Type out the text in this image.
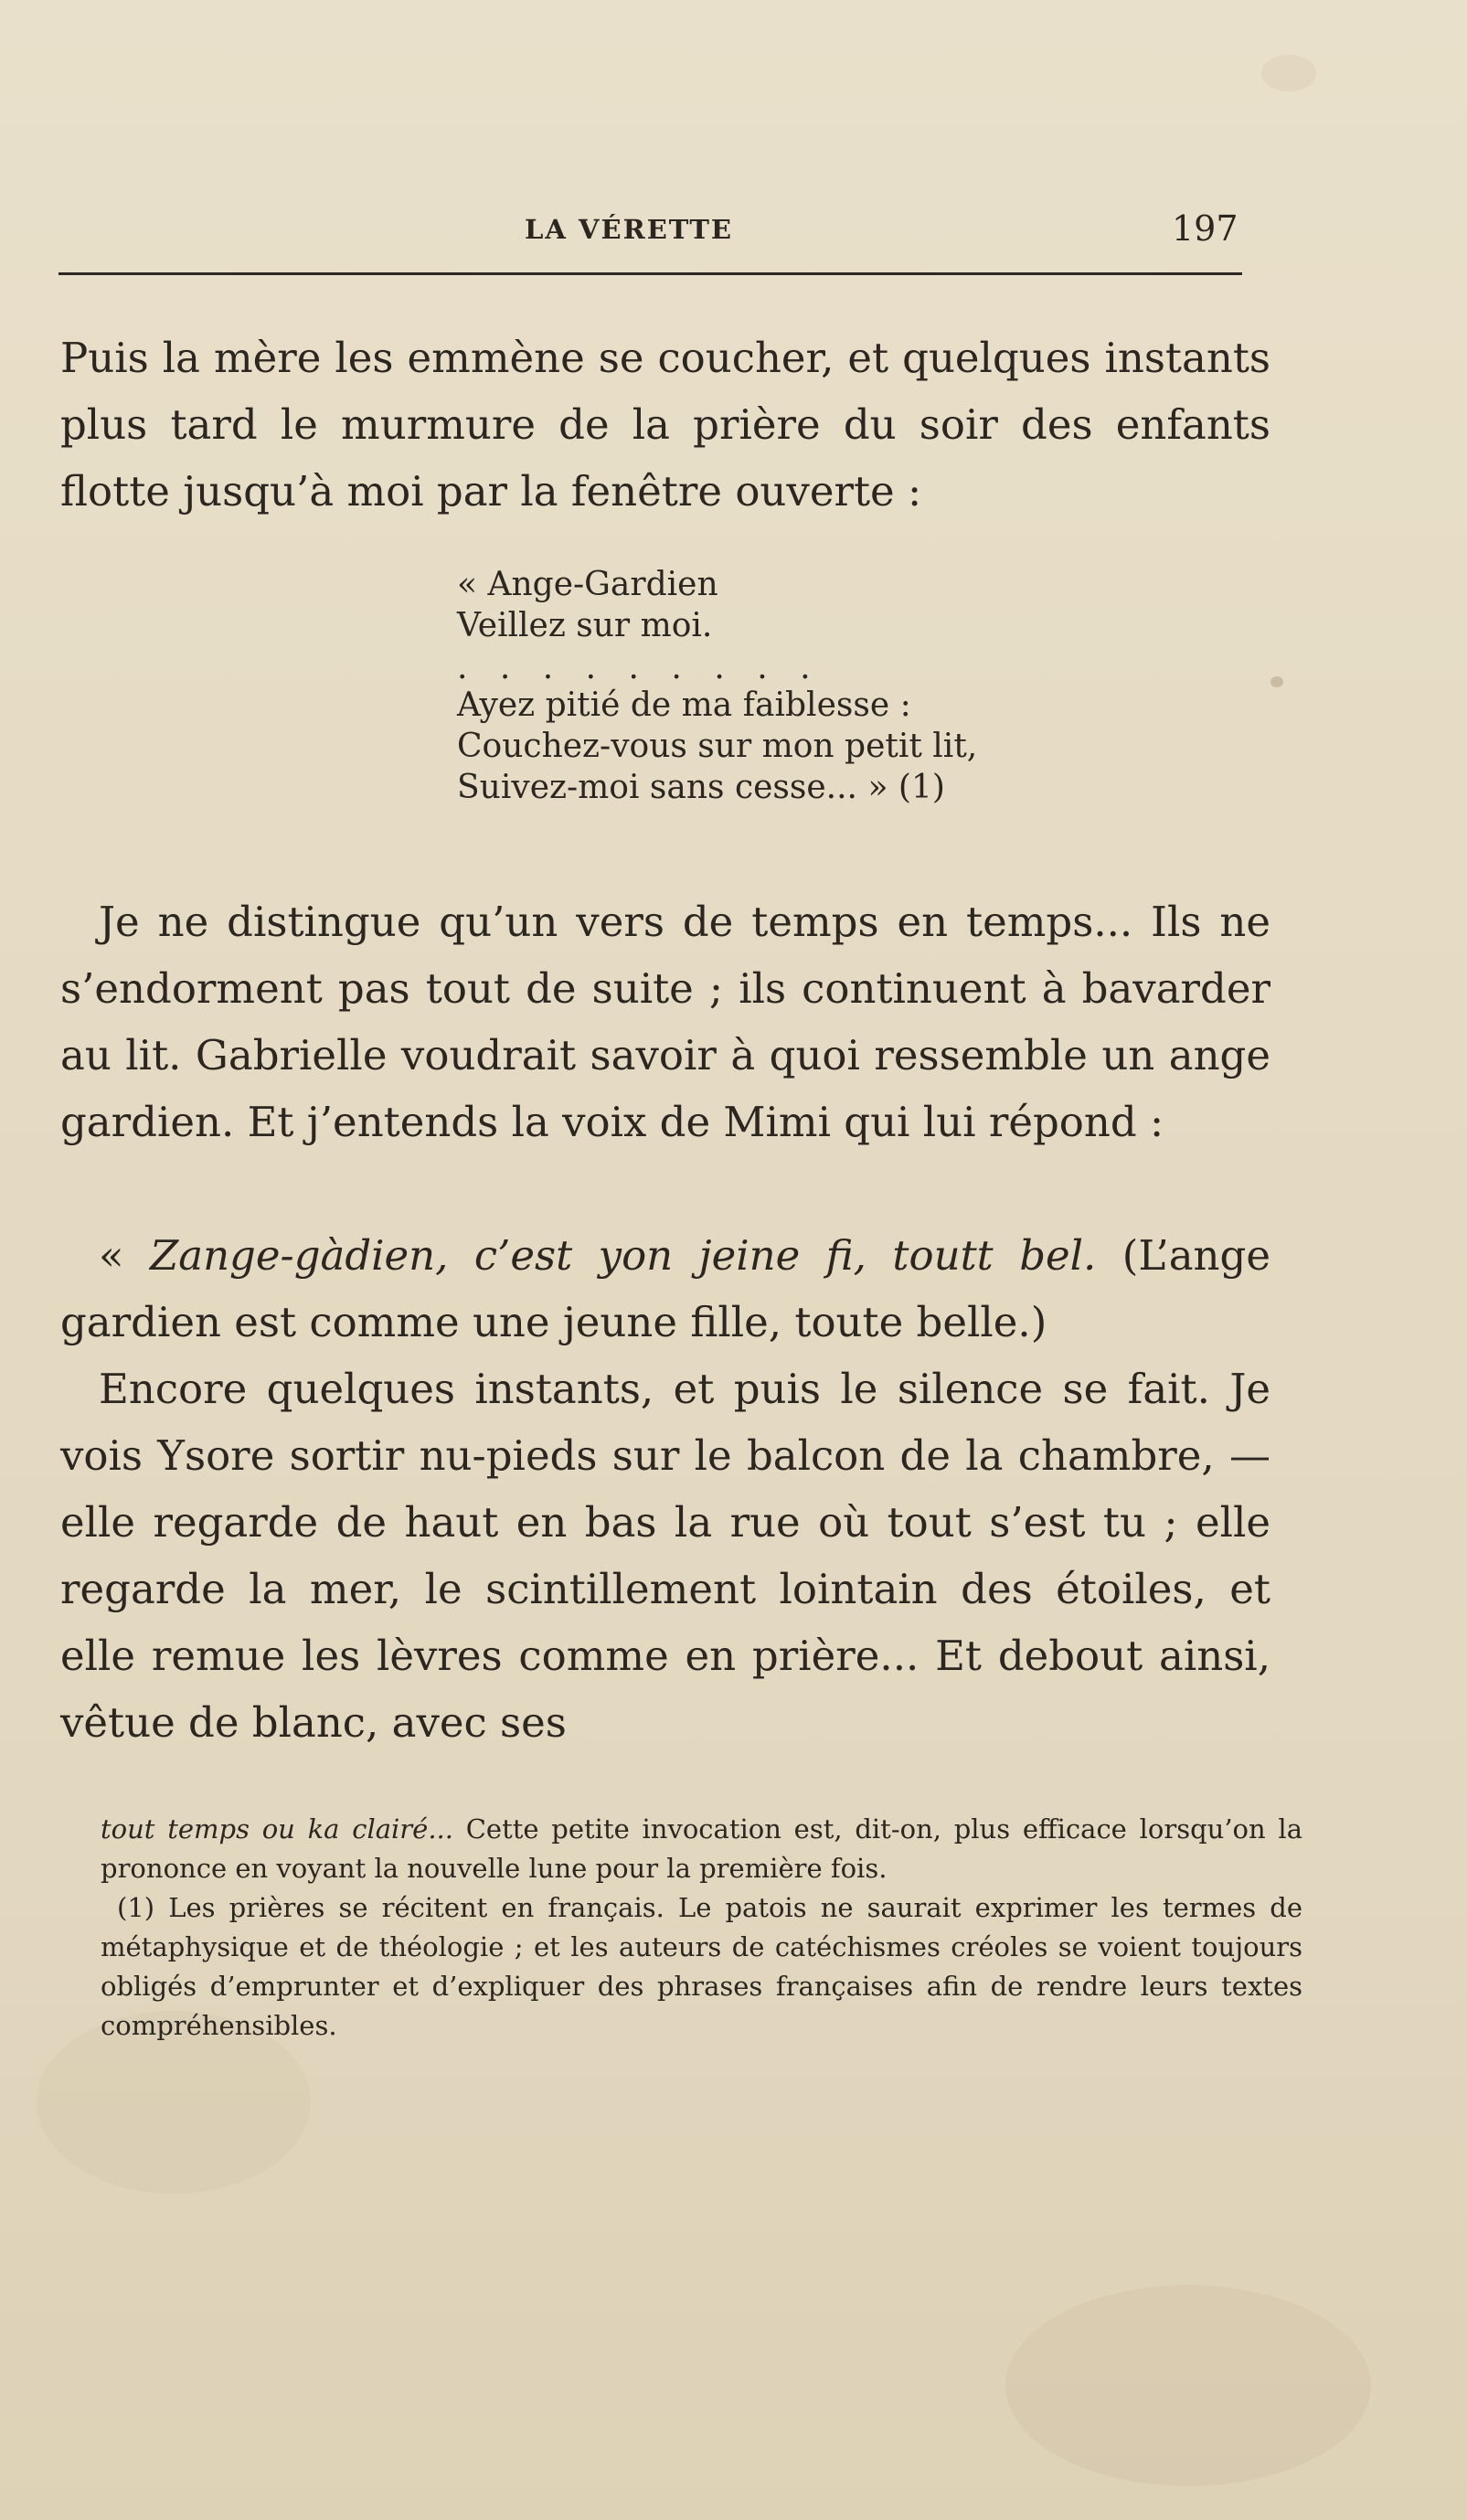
LA VÉRETTE	197

Puis la mère les emmène se coucher, et quelques instants plus tard le murmure de la prière du soir des enfants flotte jusqu’à moi par la fenêtre ouverte :

« Ange-Gardien
Veillez sur moi.
. . . . . . . . .
Ayez pitié de ma faiblesse :
Couchez-vous sur mon petit lit,
Suivez-moi sans cesse... » (1)

Je ne distingue qu’un vers de temps en temps... Ils ne s’endorment pas tout de suite ; ils continuent à bavarder au lit. Gabrielle voudrait savoir à quoi ressemble un ange gardien. Et j’entends la voix de Mimi qui lui répond :

« Zange-gàdien, c’est yon jeine fi, toutt bel. (L’ange gardien est comme une jeune fille, toute belle.)

Encore quelques instants, et puis le silence se fait. Je vois Ysore sortir nu-pieds sur le balcon de la chambre, — elle regarde de haut en bas la rue où tout s’est tu ; elle regarde la mer, le scintillement lointain des étoiles, et elle remue les lèvres comme en prière... Et debout ainsi, vêtue de blanc, avec ses

tout temps ou ka clairé... Cette petite invocation est, dit-on, plus efficace lorsqu’on la prononce en voyant la nouvelle lune pour la première fois.

(1) Les prières se récitent en français. Le patois ne saurait exprimer les termes de métaphysique et de théologie ; et les auteurs de catéchismes créoles se voient toujours obligés d’emprunter et d’expliquer des phrases françaises afin de rendre leurs textes compréhensibles.
